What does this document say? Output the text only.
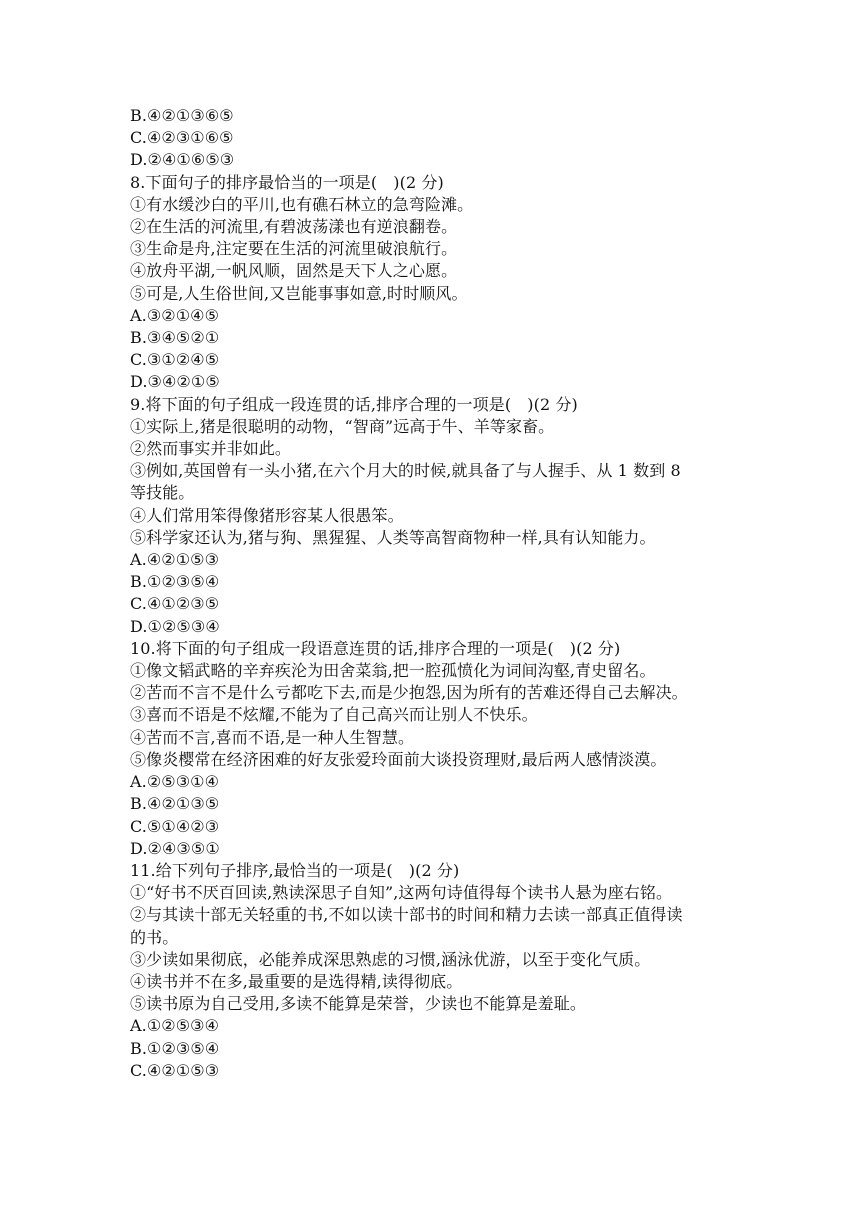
B.④②①③⑥⑤
C.④②③①⑥⑤
D.②④①⑥⑤③
8.下面句子的排序最恰当的一项是(　)(2 分)
①有水缓沙白的平川,也有礁石林立的急弯险滩。
②在生活的河流里,有碧波荡漾也有逆浪翻卷。
③生命是舟,注定要在生活的河流里破浪航行。
④放舟平湖,一帆风顺，固然是天下人之心愿。
⑤可是,人生俗世间,又岂能事事如意,时时顺风。
A.③②①④⑤
B.③④⑤②①
C.③①②④⑤
D.③④②①⑤
9.将下面的句子组成一段连贯的话,排序合理的一项是(　)(2 分)
①实际上,猪是很聪明的动物，“智商”远高于牛、羊等家畜。
②然而事实并非如此。
③例如,英国曾有一头小猪,在六个月大的时候,就具备了与人握手、从 1 数到 8
等技能。
④人们常用笨得像猪形容某人很愚笨。
⑤科学家还认为,猪与狗、黑猩猩、人类等高智商物种一样,具有认知能力。
A.④②①⑤③
B.①②③⑤④
C.④①②③⑤
D.①②⑤③④
10.将下面的句子组成一段语意连贯的话,排序合理的一项是(　)(2 分)
①像文韬武略的辛弃疾沦为田舍菜翁,把一腔孤愤化为词间沟壑,青史留名。
②苦而不言不是什么亏都吃下去,而是少抱怨,因为所有的苦难还得自己去解决。
③喜而不语是不炫耀,不能为了自己高兴而让别人不快乐。
④苦而不言,喜而不语,是一种人生智慧。
⑤像炎樱常在经济困难的好友张爱玲面前大谈投资理财,最后两人感情淡漠。
A.②⑤③①④
B.④②①③⑤
C.⑤①④②③
D.②④③⑤①
11.给下列句子排序,最恰当的一项是(　)(2 分)
①“好书不厌百回读,熟读深思子自知”,这两句诗值得每个读书人悬为座右铭。
②与其读十部无关轻重的书,不如以读十部书的时间和精力去读一部真正值得读
的书。
③少读如果彻底，必能养成深思熟虑的习惯,涵泳优游，以至于变化气质。
④读书并不在多,最重要的是选得精,读得彻底。
⑤读书原为自己受用,多读不能算是荣誉，少读也不能算是羞耻。
A.①②⑤③④
B.①②③⑤④
C.④②①⑤③
